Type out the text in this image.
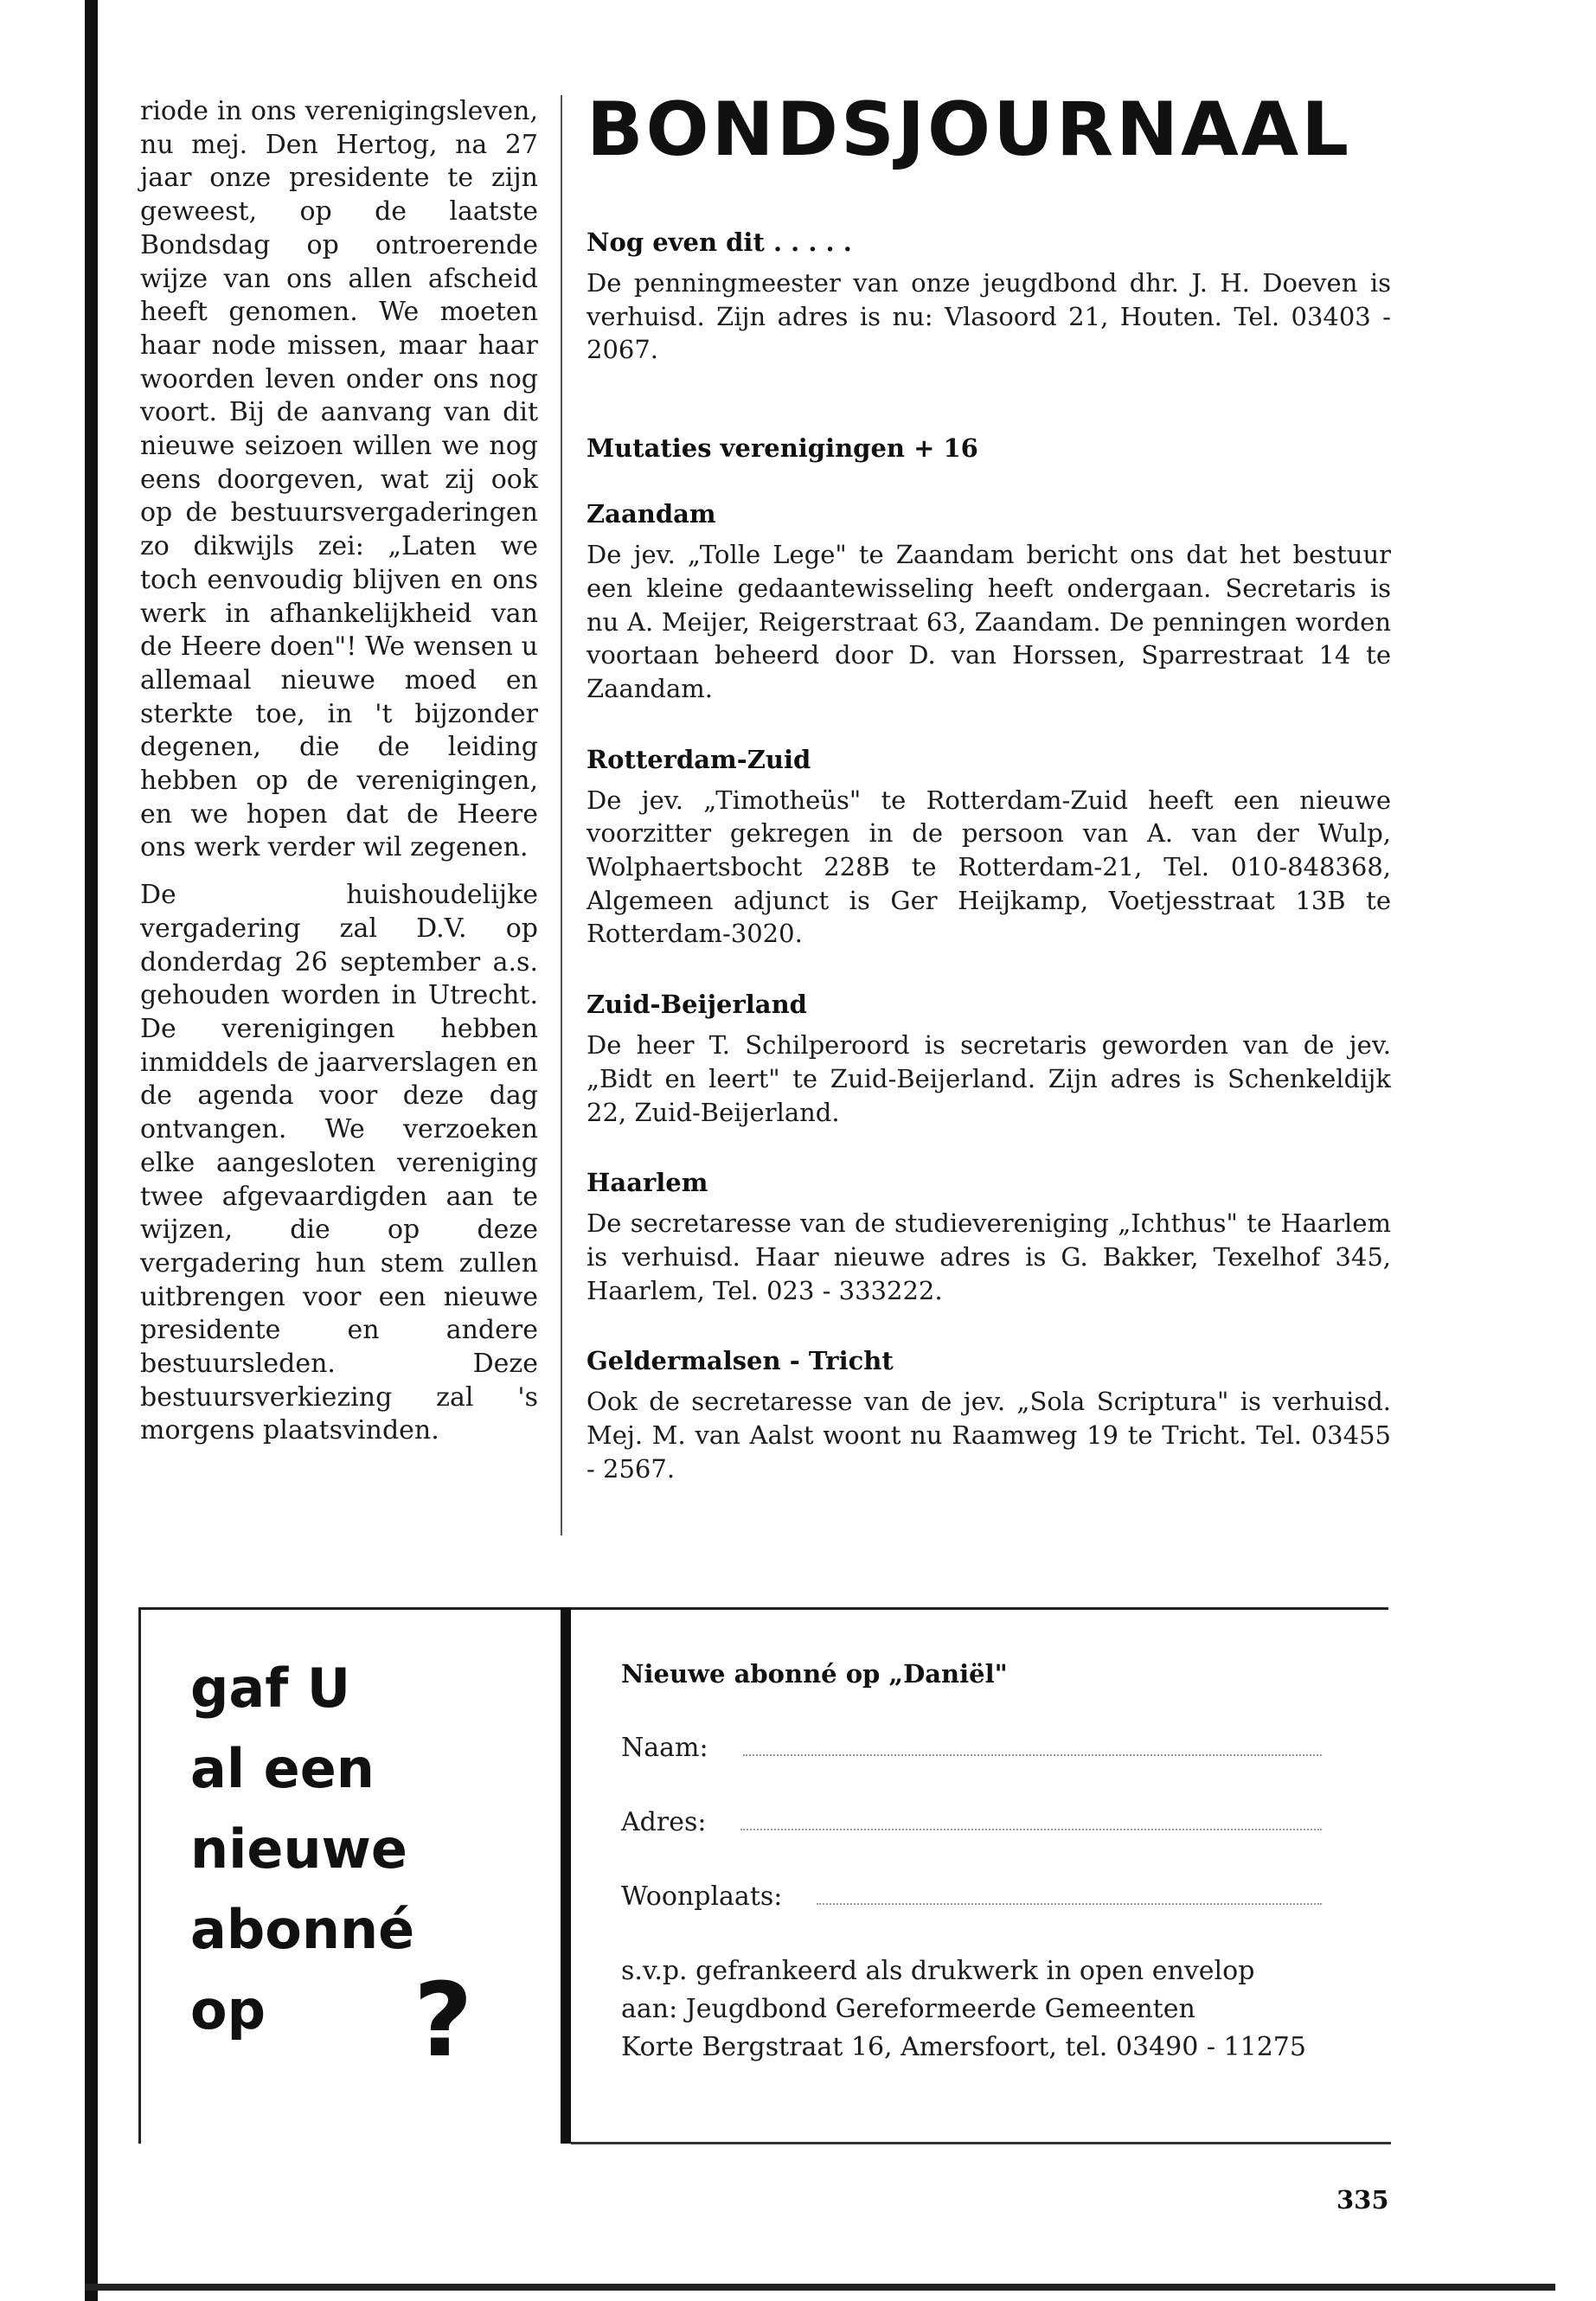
riode in ons verenigingsleven, nu mej. Den Hertog, na 27 jaar onze presidente te zijn geweest, op de laatste Bondsdag op ontroerende wijze van ons allen afscheid heeft genomen. We moeten haar node missen, maar haar woorden leven onder ons nog voort. Bij de aanvang van dit nieuwe seizoen willen we nog eens doorgeven, wat zij ook op de bestuursvergaderingen zo dikwijls zei: „Laten we toch eenvoudig blijven en ons werk in afhankelijkheid van de Heere doen"! We wensen u allemaal nieuwe moed en sterkte toe, in 't bijzonder degenen, die de leiding hebben op de verenigingen, en we hopen dat de Heere ons werk verder wil zegenen.

De huishoudelijke vergadering zal D.V. op donderdag 26 september a.s. gehouden worden in Utrecht. De verenigingen hebben inmiddels de jaarverslagen en de agenda voor deze dag ontvangen. We verzoeken elke aangesloten vereniging twee afgevaardigden aan te wijzen, die op deze vergadering hun stem zullen uitbrengen voor een nieuwe presidente en andere bestuursleden. Deze bestuursverkiezing zal 's morgens plaatsvinden.

BONDSJOURNAAL
Nog even dit . . . . .

De penningmeester van onze jeugdbond dhr. J. H. Doeven is verhuisd. Zijn adres is nu: Vlasoord 21, Houten. Tel. 03403 - 2067.

Mutaties verenigingen + 16
Zaandam

De jev. „Tolle Lege" te Zaandam bericht ons dat het bestuur een kleine gedaantewisseling heeft ondergaan. Secretaris is nu A. Meijer, Reigerstraat 63, Zaandam. De penningen worden voortaan beheerd door D. van Horssen, Sparrestraat 14 te Zaandam.

Rotterdam-Zuid

De jev. „Timotheüs" te Rotterdam-Zuid heeft een nieuwe voorzitter gekregen in de persoon van A. van der Wulp, Wolphaertsbocht 228B te Rotterdam-21, Tel. 010-848368, Algemeen adjunct is Ger Heijkamp, Voetjesstraat 13B te Rotterdam-3020.

Zuid-Beijerland

De heer T. Schilperoord is secretaris geworden van de jev. „Bidt en leert" te Zuid-Beijerland. Zijn adres is Schenkeldijk 22, Zuid-Beijerland.

Haarlem

De secretaresse van de studievereniging „Ichthus" te Haarlem is verhuisd. Haar nieuwe adres is G. Bakker, Texelhof 345, Haarlem, Tel. 023 - 333222.

Geldermalsen - Tricht

Ook de secretaresse van de jev. „Sola Scriptura" is verhuisd. Mej. M. van Aalst woont nu Raamweg 19 te Tricht. Tel. 03455 - 2567.

gaf U
al een
nieuwe
abonné
op	?
Nieuwe abonné op „Daniël"
Naam:
Adres:
Woonplaats:

s.v.p. gefrankeerd als drukwerk in open envelop

aan: Jeugdbond Gereformeerde Gemeenten

Korte Bergstraat 16, Amersfoort, tel. 03490 - 11275

335
